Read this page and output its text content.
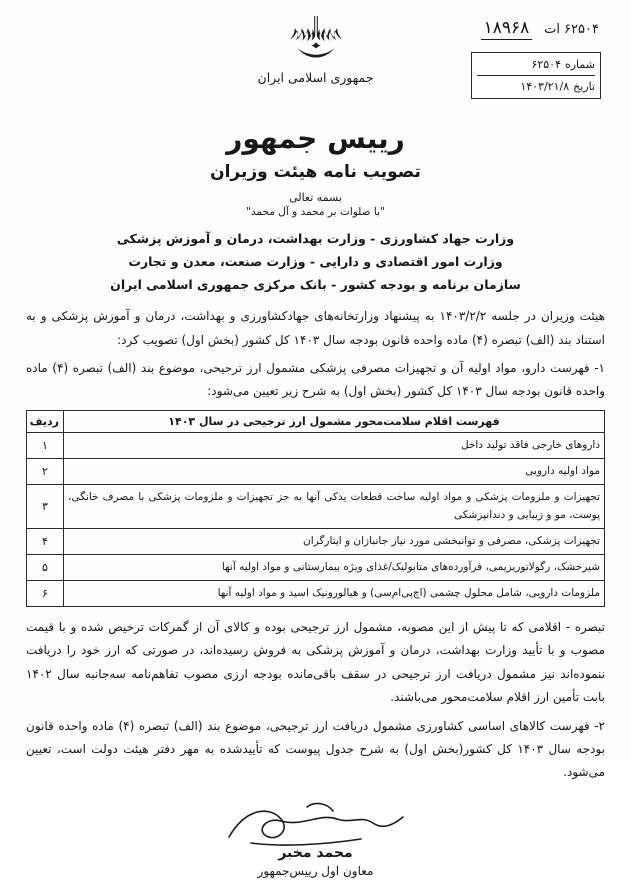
۶۲۵۰۴ ات ۱۸۹۶۸
شماره
۶۲۵۰۴
تاریخ
۱۴۰۳/۲۱/۸
جمهوری اسلامی ایران
رییس جمهور
تصویب نامه هیئت وزیران
بسمه تعالی
"با صلوات بر محمد و آل محمد"
وزارت جهاد کشاورزی - وزارت بهداشت، درمان و آموزش پزشکی
وزارت امور اقتصادی و دارایی - وزارت صنعت، معدن و تجارت
سازمان برنامه و بودجه کشور - بانک مرکزی جمهوری اسلامی ایران

هیئت وزیران در جلسه ۱۴۰۳/۲/۲ به پیشنهاد وزارتخانه‌های جهادکشاورزی و بهداشت، درمان و آموزش پزشکی و به استناد بند (الف) تبصره (۴) ماده واحده قانون بودجه سال ۱۴۰۳ کل کشور (بخش اول) تصویب کرد:

۱- فهرست دارو، مواد اولیه آن و تجهیزات مصرفی پزشکی مشمول ارز ترجیحی، موضوع بند (الف) تبصره (۴) ماده واحده قانون بودجه سال ۱۴۰۳ کل کشور (بخش اول) به شرح زیر تعیین می‌شود:

فهرست اقلام سلامت‌محور مشمول ارز ترجیحی در سال ۱۴۰۳	ردیف
داروهای خارجی فاقد تولید داخل	۱
مواد اولیه دارویی	۲
تجهیزات و ملزومات پزشکی و مواد اولیه ساخت قطعات یدکی آنها به جز تجهیزات و ملزومات پزشکی با مصرف خانگی، پوست، مو و زیبایی و دندانپزشکی	۳
تجهیزات پزشکی، مصرفی و توانبخشی مورد نیاز جانبازان و ایثارگران	۴
شیرخشک، رگولاتوریزیمی، فرآورده‌های متابولیک/غذای ویژه بیمارستانی و مواد اولیه آنها	۵
ملزومات دارویی، شامل محلول چشمی (اچ‌پی‌ام‌سی) و هیالورونیک اسید و مواد اولیه آنها	۶

تبصره - اقلامی که تا پیش از این مصوبه، مشمول ارز ترجیحی بوده و کالای آن از گمرکات ترخیص شده و با قیمت مصوب و با تأیید وزارت بهداشت، درمان و آموزش پزشکی به فروش رسیده‌اند، در صورتی که ارز خود را دریافت ننموده‌اند نیز مشمول دریافت ارز ترجیحی در سقف باقی‌مانده بودجه ارزی مصوب تفاهم‌نامه سه‌جانبه سال ۱۴۰۲ بابت تأمین ارز اقلام سلامت‌محور می‌باشند.

۲- فهرست کالاهای اساسی کشاورزی مشمول دریافت ارز ترجیحی، موضوع بند (الف) تبصره (۴) ماده واحده قانون بودجه سال ۱۴۰۳ کل کشور(بخش اول) به شرح جدول پیوست که تأییدشده به مهر دفتر هیئت دولت است، تعیین می‌شود.

محمد مخبر
معاون اول رییس‌جمهور
